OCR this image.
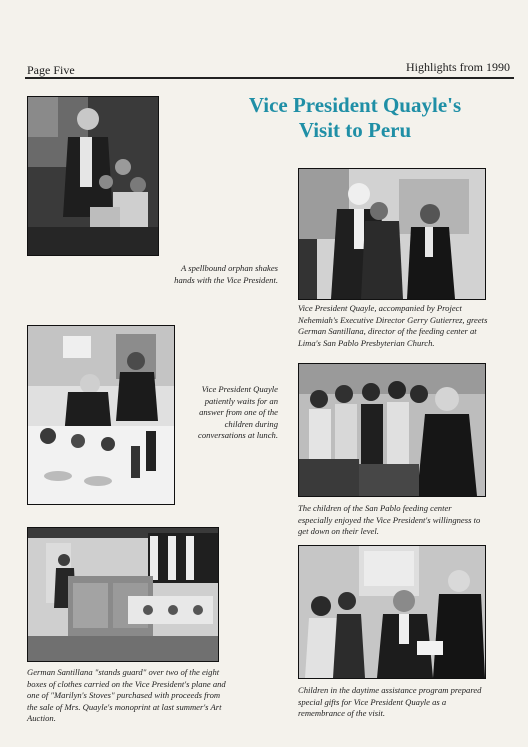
Page Five	Highlights from 1990
Vice President Quayle's
Visit to Peru
A spellbound orphan shakes hands with the Vice President.
Vice President Quayle, accompanied by Project Nehemiah's Executive Director Gerry Gutierrez, greets German Santillana, director of the feeding center at Lima's San Pablo Presbyterian Church.
Vice President Quayle patiently waits for an answer from one of the children during conversations at lunch.
The children of the San Pablo feeding center especially enjoyed the Vice President's willingness to get down on their level.
German Santillana "stands guard" over two of the eight boxes of clothes carried on the Vice President's plane and one of "Marilyn's Stoves" purchased with proceeds from the sale of Mrs. Quayle's monoprint at last summer's Art Auction.
Children in the daytime assistance program prepared special gifts for Vice President Quayle as a remembrance of the visit.
